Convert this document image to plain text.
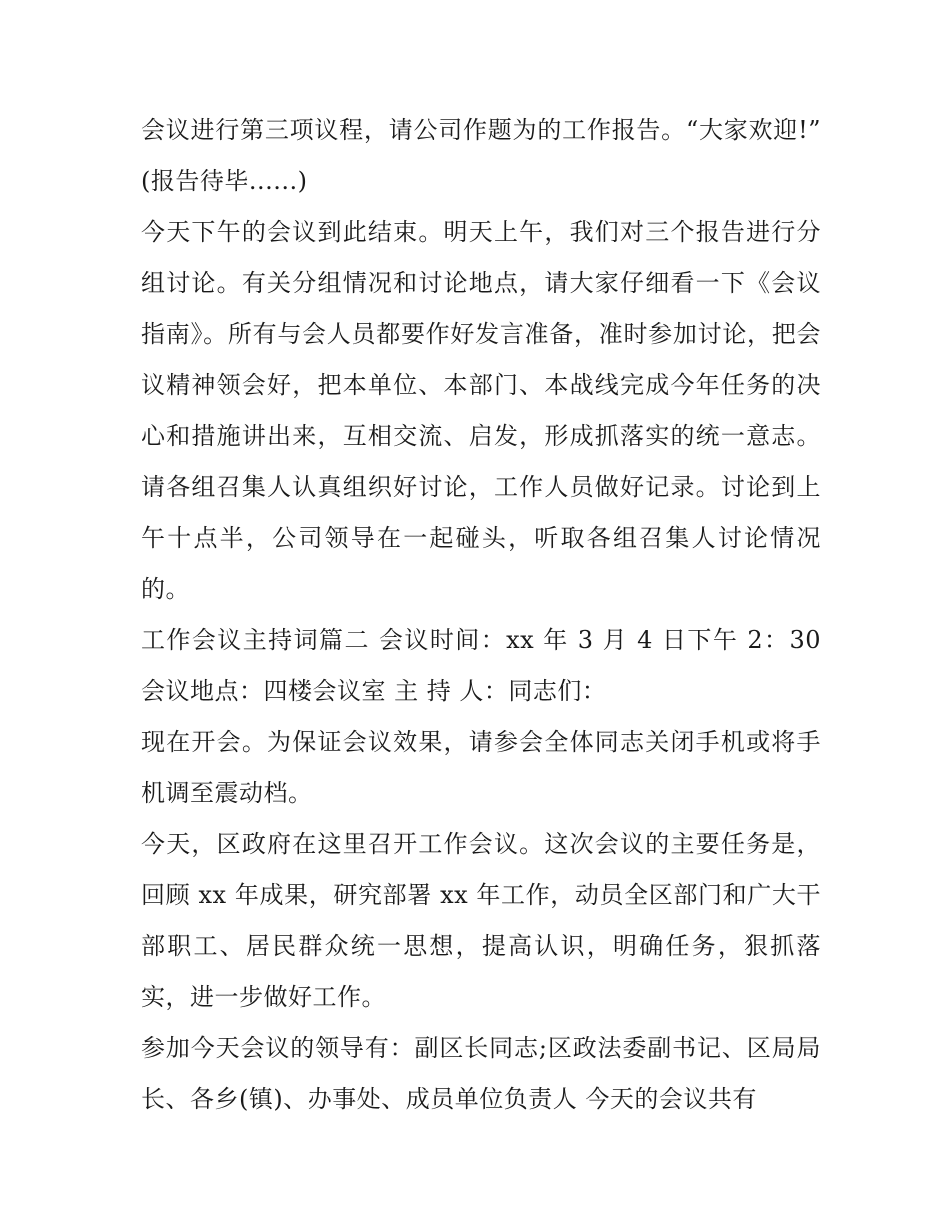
会议进行第三项议程，请公司作题为的工作报告。“大家欢迎!” (报告待毕......)

今天下午的会议到此结束。明天上午，我们对三个报告进行分组讨论。有关分组情况和讨论地点，请大家仔细看一下《会议指南》。所有与会人员都要作好发言准备，准时参加讨论，把会议精神领会好，把本单位、本部门、本战线完成今年任务的决心和措施讲出来，互相交流、启发，形成抓落实的统一意志。请各组召集人认真组织好讨论，工作人员做好记录。讨论到上午十点半，公司领导在一起碰头，听取各组召集人讨论情况的。

工作会议主持词篇二 会议时间：xx 年 3 月 4 日下午 2：30 会议地点：四楼会议室 主 持 人：同志们：

现在开会。为保证会议效果，请参会全体同志关闭手机或将手机调至震动档。

今天，区政府在这里召开工作会议。这次会议的主要任务是，回顾 xx 年成果，研究部署 xx 年工作，动员全区部门和广大干部职工、居民群众统一思想，提高认识，明确任务，狠抓落实，进一步做好工作。

参加今天会议的领导有：副区长同志;区政法委副书记、区局局长、各乡(镇)、办事处、成员单位负责人 今天的会议共有
